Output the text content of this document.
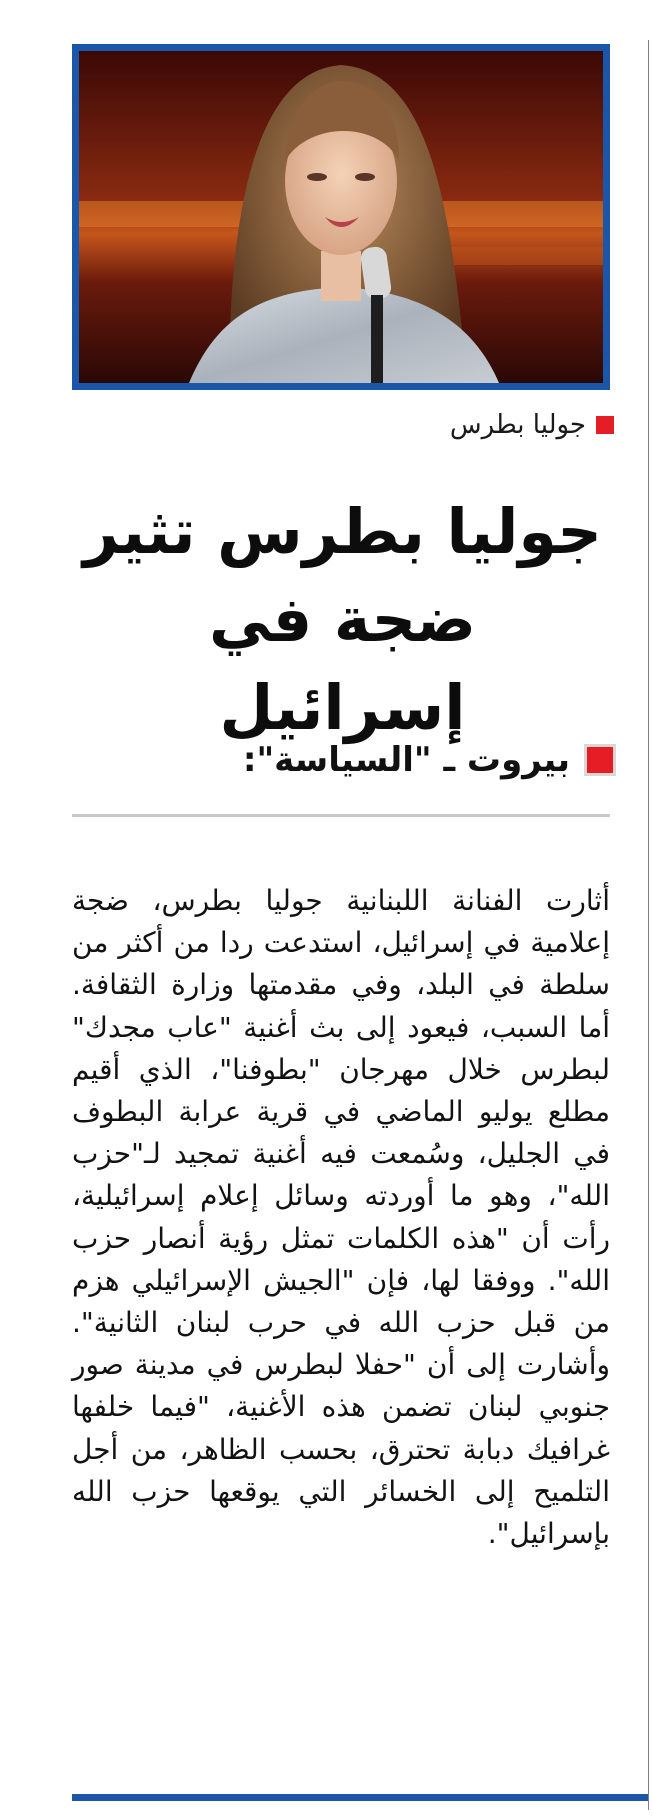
جوليا بطرس
جوليا بطرس تثير ضجة في إسرائيل
بيروت ـ "السياسة":

أثارت الفنانة اللبنانية جوليا بطرس، ضجة إعلامية في إسرائيل، استدعت ردا من أكثر من سلطة في البلد، وفي مقدمتها وزارة الثقافة. أما السبب، فيعود إلى بث أغنية "عاب مجدك" لبطرس خلال مهرجان "بطوفنا"، الذي أقيم مطلع يوليو الماضي في قرية عرابة البطوف في الجليل، وسُمعت فيه أغنية تمجيد لـ"حزب الله"، وهو ما أوردته وسائل إعلام إسرائيلية، رأت أن "هذه الكلمات تمثل رؤية أنصار حزب الله". ووفقا لها، فإن "الجيش الإسرائيلي هزم من قبل حزب الله في حرب لبنان الثانية". وأشارت إلى أن "حفلا لبطرس في مدينة صور جنوبي لبنان تضمن هذه الأغنية، "فيما خلفها غرافيك دبابة تحترق، بحسب الظاهر، من أجل التلميح إلى الخسائر التي يوقعها حزب الله بإسرائيل".
